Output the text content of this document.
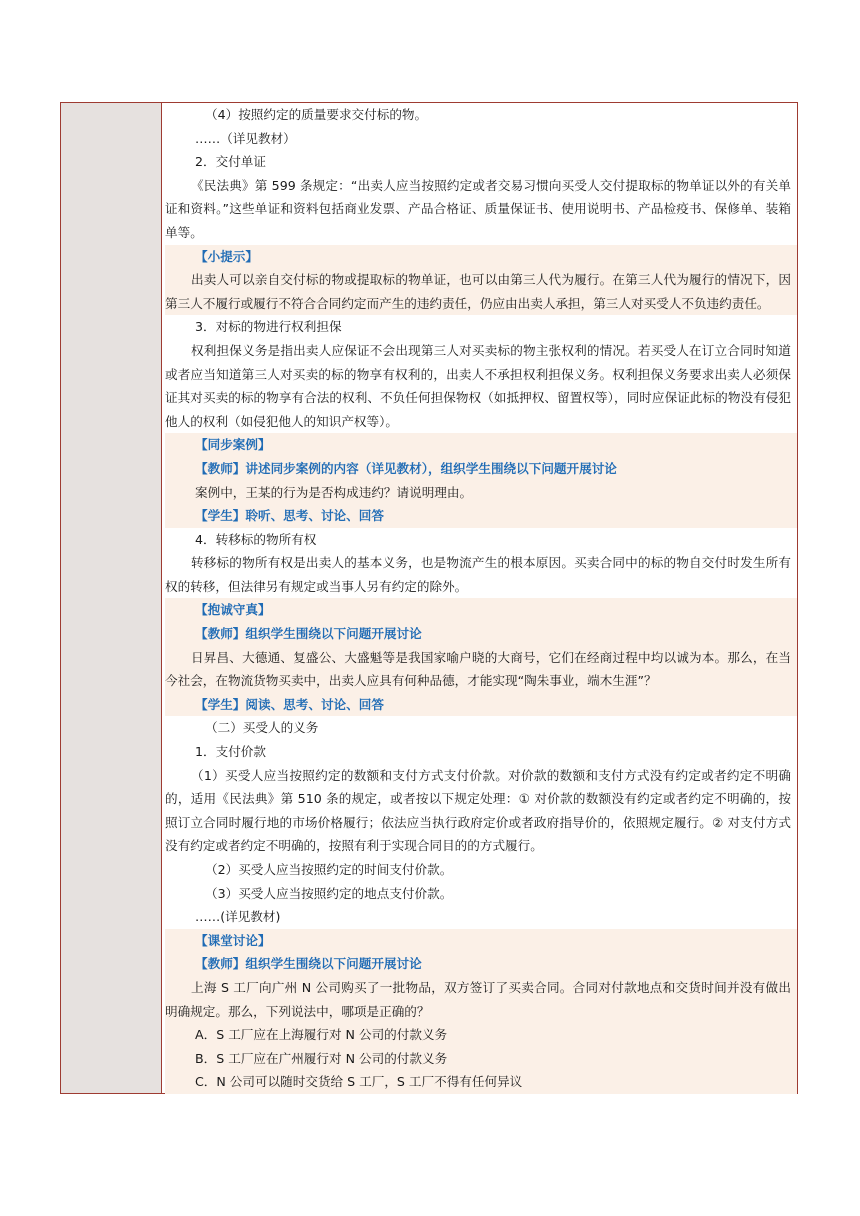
（4）按照约定的质量要求交付标的物。
……（详见教材）
2．交付单证
《民法典》第 599 条规定：“出卖人应当按照约定或者交易习惯向买受人交付提取标的物单证以外的有关单证和资料。”这些单证和资料包括商业发票、产品合格证、质量保证书、使用说明书、产品检疫书、保修单、装箱单等。
【小提示】
出卖人可以亲自交付标的物或提取标的物单证，也可以由第三人代为履行。在第三人代为履行的情况下，因第三人不履行或履行不符合合同约定而产生的违约责任，仍应由出卖人承担，第三人对买受人不负违约责任。
3．对标的物进行权利担保
权利担保义务是指出卖人应保证不会出现第三人对买卖标的物主张权利的情况。若买受人在订立合同时知道或者应当知道第三人对买卖的标的物享有权利的，出卖人不承担权利担保义务。权利担保义务要求出卖人必须保证其对买卖的标的物享有合法的权利、不负任何担保物权（如抵押权、留置权等），同时应保证此标的物没有侵犯他人的权利（如侵犯他人的知识产权等）。
【同步案例】
【教师】讲述同步案例的内容（详见教材），组织学生围绕以下问题开展讨论
案例中，王某的行为是否构成违约？请说明理由。
【学生】聆听、思考、讨论、回答
4．转移标的物所有权
转移标的物所有权是出卖人的基本义务，也是物流产生的根本原因。买卖合同中的标的物自交付时发生所有权的转移，但法律另有规定或当事人另有约定的除外。
【抱诚守真】
【教师】组织学生围绕以下问题开展讨论
日昇昌、大德通、复盛公、大盛魁等是我国家喻户晓的大商号，它们在经商过程中均以诚为本。那么，在当今社会，在物流货物买卖中，出卖人应具有何种品德，才能实现“陶朱事业，端木生涯”？
【学生】阅读、思考、讨论、回答
（二）买受人的义务
1．支付价款
（1）买受人应当按照约定的数额和支付方式支付价款。对价款的数额和支付方式没有约定或者约定不明确的，适用《民法典》第 510 条的规定，或者按以下规定处理：① 对价款的数额没有约定或者约定不明确的，按照订立合同时履行地的市场价格履行；依法应当执行政府定价或者政府指导价的，依照规定履行。② 对支付方式没有约定或者约定不明确的，按照有利于实现合同目的的方式履行。
（2）买受人应当按照约定的时间支付价款。
（3）买受人应当按照约定的地点支付价款。
……(详见教材)
【课堂讨论】
【教师】组织学生围绕以下问题开展讨论
上海 S 工厂向广州 N 公司购买了一批物品，双方签订了买卖合同。合同对付款地点和交货时间并没有做出明确规定。那么，下列说法中，哪项是正确的？
A．S 工厂应在上海履行对 N 公司的付款义务
B．S 工厂应在广州履行对 N 公司的付款义务
C．N 公司可以随时交货给 S 工厂，S 工厂不得有任何异议
